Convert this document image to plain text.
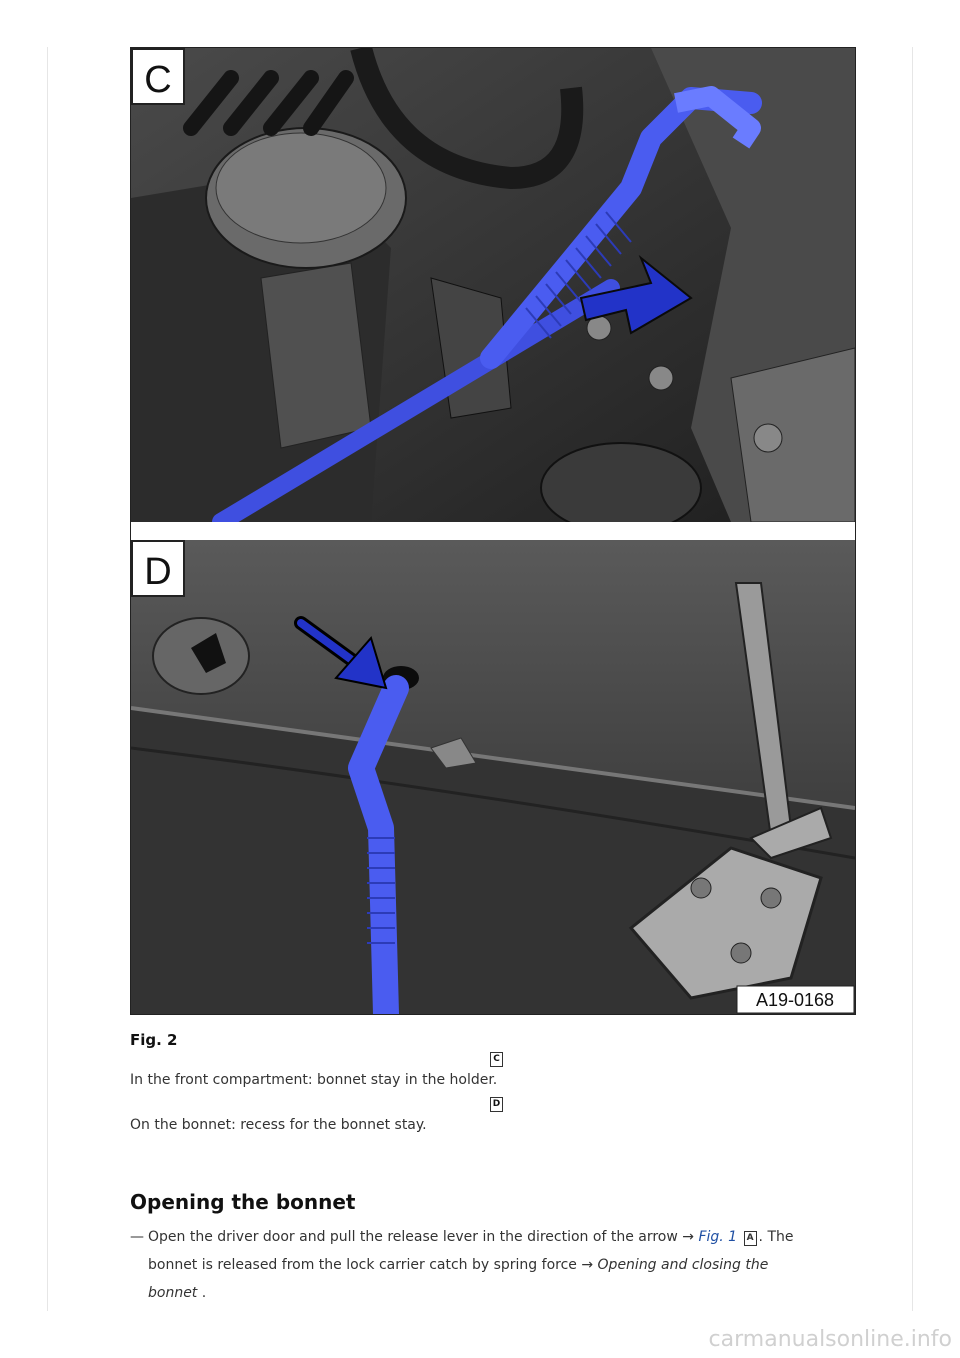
C
D
A19-0168
Fig. 2
C
In the front compartment: bonnet stay in the holder.
D
On the bonnet: recess for the bonnet stay.
Opening the bonnet
— Open the driver door and pull the release lever in the direction of the arrow → Fig. 1 A . The
bonnet is released from the lock carrier catch by spring force → Opening and closing the
bonnet .
carmanualsonline.info
